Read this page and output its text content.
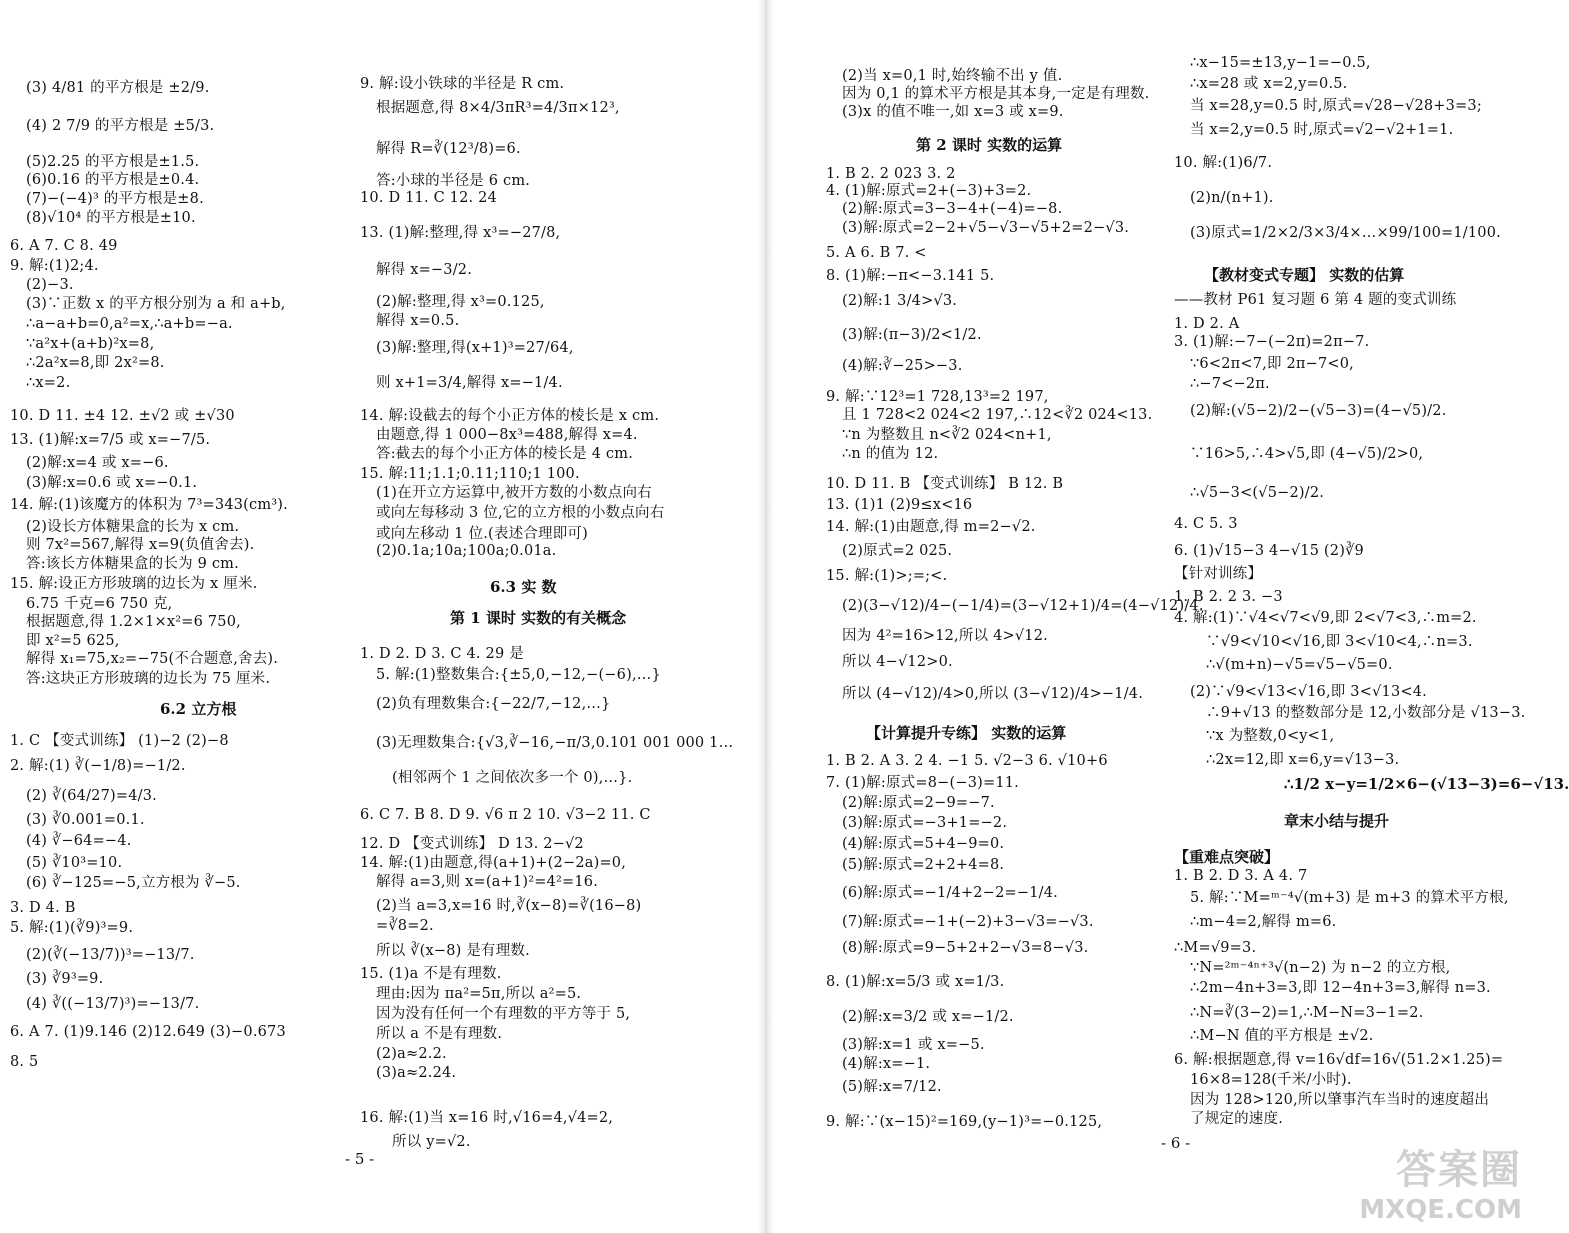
(3) 4/81 的平方根是 ±2/9.
(4) 2 7/9 的平方根是 ±5/3.
(5)2.25 的平方根是±1.5.
(6)0.16 的平方根是±0.4.
(7)−(−4)³ 的平方根是±8.
(8)√10⁴ 的平方根是±10.
6. A 7. C 8. 49
9. 解:(1)2;4.
(2)−3.
(3)∵正数 x 的平方根分别为 a 和 a+b,
∴a−a+b=0,a²=x,∴a+b=−a.
∵a²x+(a+b)²x=8,
∴2a²x=8,即 2x²=8.
∴x=2.
10. D 11. ±4 12. ±√2 或 ±√30
13. (1)解:x=7/5 或 x=−7/5.
(2)解:x=4 或 x=−6.
(3)解:x=0.6 或 x=−0.1.
14. 解:(1)该魔方的体积为 7³=343(cm³).
(2)设长方体糖果盒的长为 x cm.
则 7x²=567,解得 x=9(负值舍去).
答:该长方体糖果盒的长为 9 cm.
15. 解:设正方形玻璃的边长为 x 厘米.
6.75 千克=6 750 克,
根据题意,得 1.2×1×x²=6 750,
即 x²=5 625,
解得 x₁=75,x₂=−75(不合题意,舍去).
答:这块正方形玻璃的边长为 75 厘米.
6.2 立方根
1. C 【变式训练】 (1)−2 (2)−8
2. 解:(1) ∛(−1/8)=−1/2.
(2) ∛(64/27)=4/3.
(3) ∛0.001=0.1.
(4) ∛−64=−4.
(5) ∛10³=10.
(6) ∛−125=−5,立方根为 ∛−5.
3. D 4. B
5. 解:(1)(∛9)³=9.
(2)(∛(−13/7))³=−13/7.
(3) ∛9³=9.
(4) ∛((−13/7)³)=−13/7.
6. A 7. (1)9.146 (2)12.649 (3)−0.673
8. 5
9. 解:设小铁球的半径是 R cm.
根据题意,得 8×4/3πR³=4/3π×12³,
解得 R=∛(12³/8)=6.
答:小球的半径是 6 cm.
10. D 11. C 12. 24
13. (1)解:整理,得 x³=−27/8,
解得 x=−3/2.
(2)解:整理,得 x³=0.125,
解得 x=0.5.
(3)解:整理,得(x+1)³=27/64,
则 x+1=3/4,解得 x=−1/4.
14. 解:设截去的每个小正方体的棱长是 x cm.
由题意,得 1 000−8x³=488,解得 x=4.
答:截去的每个小正方体的棱长是 4 cm.
15. 解:11;1.1;0.11;110;1 100.
(1)在开立方运算中,被开方数的小数点向右
或向左每移动 3 位,它的立方根的小数点向右
或向左移动 1 位.(表述合理即可)
(2)0.1a;10a;100a;0.01a.
6.3 实 数
第 1 课时 实数的有关概念
1. D 2. D 3. C 4. 29 是
5. 解:(1)整数集合:{±5,0,−12,−(−6),…}
(2)负有理数集合:{−22/7,−12,…}
(3)无理数集合:{√3,∛−16,−π/3,0.101 001 000 1…
(相邻两个 1 之间依次多一个 0),…}.
6. C 7. B 8. D 9. √6 π 2 10. √3−2 11. C
12. D 【变式训练】 D 13. 2−√2
14. 解:(1)由题意,得(a+1)+(2−2a)=0,
解得 a=3,则 x=(a+1)²=4²=16.
(2)当 a=3,x=16 时,∛(x−8)=∛(16−8)
=∛8=2.
所以 ∛(x−8) 是有理数.
15. (1)a 不是有理数.
理由:因为 πa²=5π,所以 a²=5.
因为没有任何一个有理数的平方等于 5,
所以 a 不是有理数.
(2)a≈2.2.
(3)a≈2.24.
16. 解:(1)当 x=16 时,√16=4,√4=2,
所以 y=√2.
- 5 -
(2)当 x=0,1 时,始终输不出 y 值.
因为 0,1 的算术平方根是其本身,一定是有理数.
(3)x 的值不唯一,如 x=3 或 x=9.
第 2 课时 实数的运算
1. B 2. 2 023 3. 2
4. (1)解:原式=2+(−3)+3=2.
(2)解:原式=3−3−4+(−4)=−8.
(3)解:原式=2−2+√5−√3−√5+2=2−√3.
5. A 6. B 7. <
8. (1)解:−π<−3.141 5.
(2)解:1 3/4>√3.
(3)解:(π−3)/2<1/2.
(4)解:∛−25>−3.
9. 解:∵12³=1 728,13³=2 197,
且 1 728<2 024<2 197,∴12<∛2 024<13.
∵n 为整数且 n<∛2 024<n+1,
∴n 的值为 12.
10. D 11. B 【变式训练】 B 12. B
13. (1)1 (2)9≤x<16
14. 解:(1)由题意,得 m=2−√2.
(2)原式=2 025.
15. 解:(1)>;=;<.
(2)(3−√12)/4−(−1/4)=(3−√12+1)/4=(4−√12)/4.
因为 4²=16>12,所以 4>√12.
所以 4−√12>0.
所以 (4−√12)/4>0,所以 (3−√12)/4>−1/4.
【计算提升专练】 实数的运算
1. B 2. A 3. 2 4. −1 5. √2−3 6. √10+6
7. (1)解:原式=8−(−3)=11.
(2)解:原式=2−9=−7.
(3)解:原式=−3+1=−2.
(4)解:原式=5+4−9=0.
(5)解:原式=2+2+4=8.
(6)解:原式=−1/4+2−2=−1/4.
(7)解:原式=−1+(−2)+3−√3=−√3.
(8)解:原式=9−5+2+2−√3=8−√3.
8. (1)解:x=5/3 或 x=1/3.
(2)解:x=3/2 或 x=−1/2.
(3)解:x=1 或 x=−5.
(4)解:x=−1.
(5)解:x=7/12.
9. 解:∵(x−15)²=169,(y−1)³=−0.125,
∴x−15=±13,y−1=−0.5,
∴x=28 或 x=2,y=0.5.
当 x=28,y=0.5 时,原式=√28−√28+3=3;
当 x=2,y=0.5 时,原式=√2−√2+1=1.
10. 解:(1)6/7.
(2)n/(n+1).
(3)原式=1/2×2/3×3/4×…×99/100=1/100.
【教材变式专题】 实数的估算
——教材 P61 复习题 6 第 4 题的变式训练
1. D 2. A
3. (1)解:−7−(−2π)=2π−7.
∵6<2π<7,即 2π−7<0,
∴−7<−2π.
(2)解:(√5−2)/2−(√5−3)=(4−√5)/2.
∵16>5,∴4>√5,即 (4−√5)/2>0,
∴√5−3<(√5−2)/2.
4. C 5. 3
6. (1)√15−3 4−√15 (2)∛9
【针对训练】
1. B 2. 2 3. −3
4. 解:(1)∵√4<√7<√9,即 2<√7<3,∴m=2.
∵√9<√10<√16,即 3<√10<4,∴n=3.
∴√(m+n)−√5=√5−√5=0.
(2)∵√9<√13<√16,即 3<√13<4.
∴9+√13 的整数部分是 12,小数部分是 √13−3.
∵x 为整数,0<y<1,
∴2x=12,即 x=6,y=√13−3.
∴1/2 x−y=1/2×6−(√13−3)=6−√13.
章末小结与提升
【重难点突破】
1. B 2. D 3. A 4. 7
5. 解:∵M=ᵐ⁻⁴√(m+3) 是 m+3 的算术平方根,
∴m−4=2,解得 m=6.
∴M=√9=3.
∵N=²ᵐ⁻⁴ⁿ⁺³√(n−2) 为 n−2 的立方根,
∴2m−4n+3=3,即 12−4n+3=3,解得 n=3.
∴N=∛(3−2)=1,∴M−N=3−1=2.
∴M−N 值的平方根是 ±√2.
6. 解:根据题意,得 v=16√df=16√(51.2×1.25)=
16×8=128(千米/小时).
因为 128>120,所以肇事汽车当时的速度超出
了规定的速度.
- 6 -
答案圈
MXQE.COM
